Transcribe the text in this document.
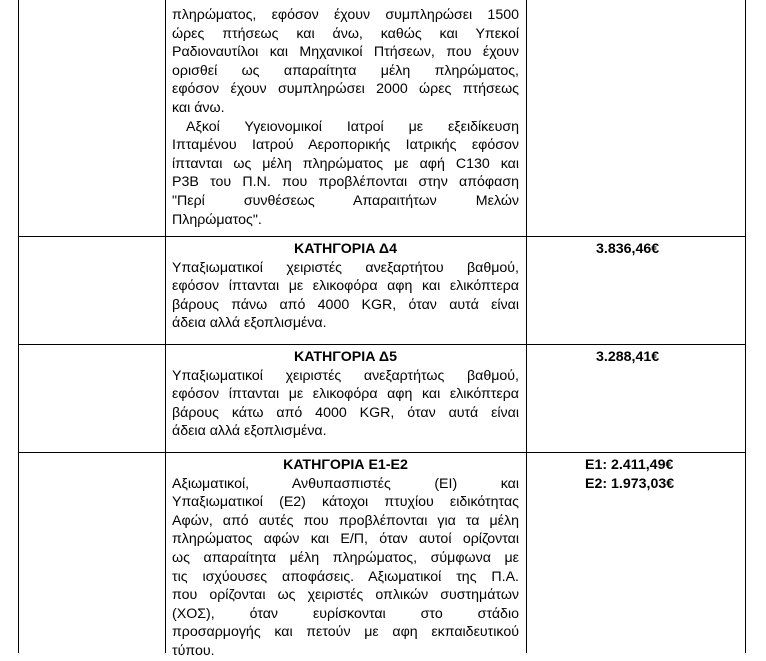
πληρώματος, εφόσον έχουν συμπληρώσει 1500
ώρες πτήσεως και άνω, καθώς και Υπεκοί
Ραδιοναυτίλοι και Μηχανικοί Πτήσεων, που έχουν
ορισθεί ως απαραίτητα μέλη πληρώματος,
εφόσον έχουν συμπληρώσει 2000 ώρες πτήσεως
και άνω.
Αξκοί Υγειονομικοί Ιατροί με εξειδίκευση
Ιπταμένου Ιατρού Αεροπορικής Ιατρικής εφόσον
ίπτανται ως μέλη πληρώματος με αφή C130 και
P3B του Π.Ν. που προβλέπονται στην απόφαση
"Περί συνθέσεως Απαραιτήτων Μελών
Πληρώματος".
ΚΑΤΗΓΟΡΙΑ Δ4
Υπαξιωματικοί χειριστές ανεξαρτήτου βαθμού,
εφόσον ίπτανται με ελικοφόρα αφη και ελικόπτερα
βάρους πάνω από 4000 KGR, όταν αυτά είναι
άδεια αλλά εξοπλισμένα.
3.836,46€
ΚΑΤΗΓΟΡΙΑ Δ5
Υπαξιωματικοί χειριστές ανεξαρτήτως βαθμού,
εφόσον ίπτανται με ελικοφόρα αφη και ελικόπτερα
βάρους κάτω από 4000 KGR, όταν αυτά είναι
άδεια αλλά εξοπλισμένα.
3.288,41€
ΚΑΤΗΓΟΡΙΑ Ε1-Ε2
Αξιωματικοί, Ανθυπασπιστές (ΕΙ) και
Υπαξιωματικοί (Ε2) κάτοχοι πτυχίου ειδικότητας
Αφών, από αυτές που προβλέπονται για τα μέλη
πληρώματος αφών και Ε/Π, όταν αυτοί ορίζονται
ως απαραίτητα μέλη πληρώματος, σύμφωνα με
τις ισχύουσες αποφάσεις. Αξιωματικοί της Π.Α.
που ορίζονται ως χειριστές οπλικών συστημάτων
(ΧΟΣ), όταν ευρίσκονται στο στάδιο
προσαρμογής και πετούν με αφη εκπαιδευτικού
τύπου.
Ε1: 2.411,49€
Ε2: 1.973,03€
